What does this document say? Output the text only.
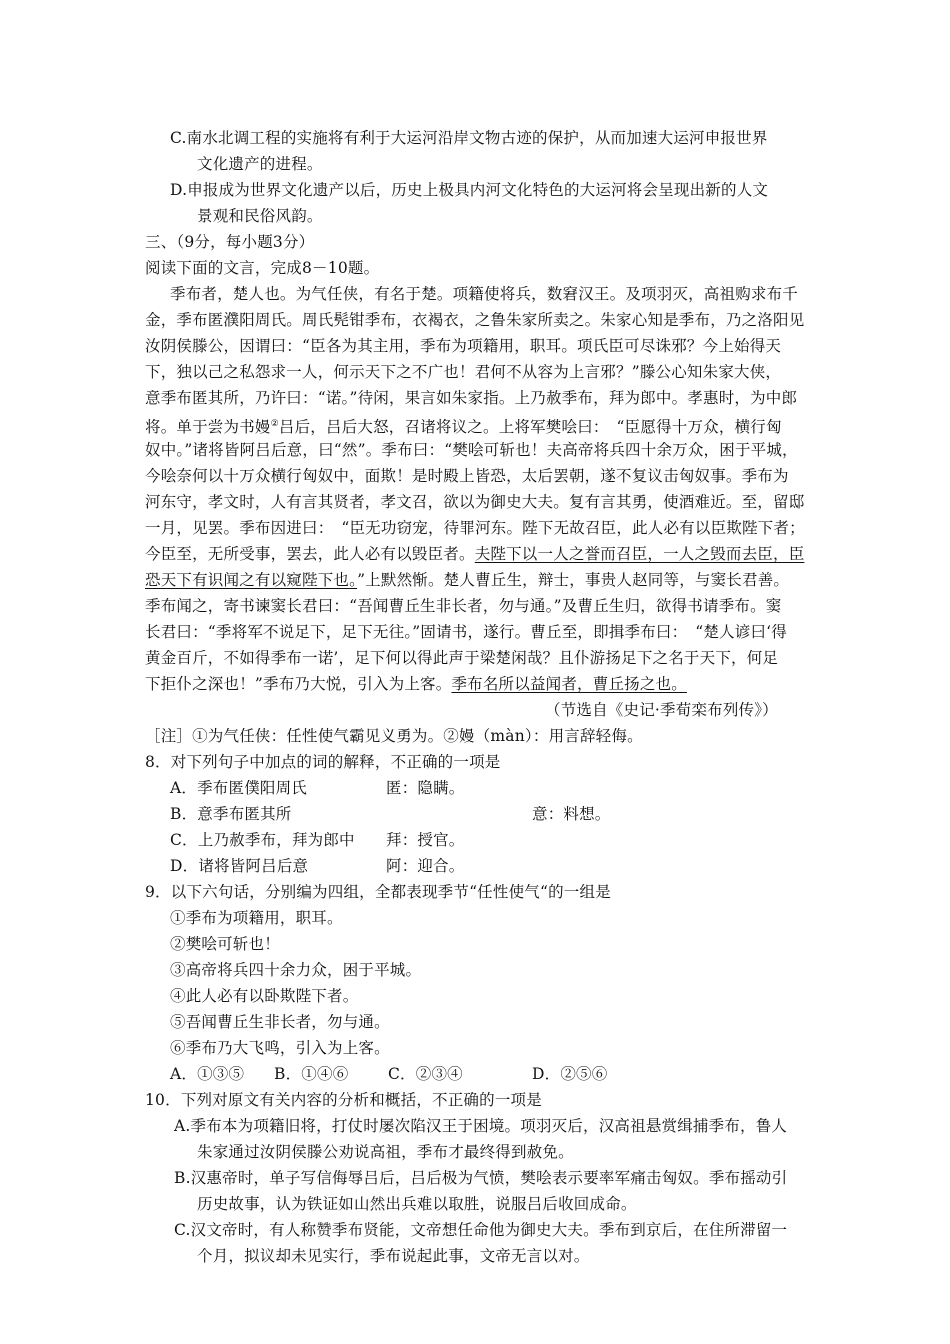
C.南水北调工程的实施将有利于大运河沿岸文物古迹的保护，从而加速大运河申报世界
文化遗产的进程。
D.申报成为世界文化遗产以后，历史上极具内河文化特色的大运河将会呈现出新的人文
景观和民俗风韵。
三、（9分，每小题3分）
阅读下面的文言，完成8－10题。
季布者，楚人也。为气任侠，有名于楚。项籍使将兵，数窘汉王。及项羽灭，高祖购求布千
金，季布匿濮阳周氏。周氏髡钳季布，衣褐衣，之鲁朱家所卖之。朱家心知是季布，乃之洛阳见
汝阴侯滕公，因谓曰：“臣各为其主用，季布为项籍用，职耳。项氏臣可尽诛邪？今上始得天
下，独以己之私怨求一人，何示天下之不广也！君何不从容为上言邪？”滕公心知朱家大侠，
意季布匿其所，乃许曰：“诺。”待闲，果言如朱家指。上乃赦季布，拜为郎中。孝惠时，为中郎
将。单于尝为书嫚②吕后，吕后大怒，召诸将议之。上将军樊哙曰：　“臣愿得十万众，横行匈
奴中。”诸将皆阿吕后意，曰“然”。季布曰：“樊哙可斩也！夫高帝将兵四十余万众，困于平城，
今哙奈何以十万众横行匈奴中，面欺！是时殿上皆恐，太后罢朝，遂不复议击匈奴事。季布为
河东守，孝文时，人有言其贤者，孝文召，欲以为御史大夫。复有言其勇，使酒难近。至，留邸
一月，见罢。季布因进曰：　“臣无功窃宠，待罪河东。陛下无故召臣，此人必有以臣欺陛下者；
今臣至，无所受事，罢去，此人必有以毁臣者。夫陛下以一人之誉而召臣，一人之毁而去臣，臣
恐天下有识闻之有以窥陛下也。”上默然惭。楚人曹丘生，辩士，事贵人赵同等，与窦长君善。
季布闻之，寄书谏窦长君曰：“吾闻曹丘生非长者，勿与通。”及曹丘生归，欲得书请季布。窦
长君曰：“季将军不说足下，足下无往。”固请书，遂行。曹丘至，即揖季布曰：　“楚人谚曰‘得
黄金百斤，不如得季布一诺’，足下何以得此声于梁楚闲哉？且仆游扬足下之名于天下，何足
下拒仆之深也！”季布乃大悦，引入为上客。季布名所以益闻者，曹丘扬之也。
（节选自《史记·季荀栾布列传》）
［注］①为气任侠：任性使气霸见义勇为。②嫚（màn）：用言辞轻侮。
8．对下列句子中加点的词的解释，不正确的一项是
A．季布匿僕阳周氏	匿：隐瞒。
B．意季布匿其所	意：料想。
C．上乃赦季布，拜为郎中 拜：授官。
D．诸将皆阿吕后意	阿：迎合。
9．以下六句话，分别编为四组，全都表现季节“任性使气“的一组是
①季布为项籍用，职耳。
②樊哙可斩也！
③高帝将兵四十余力众，困于平城。
④此人必有以卧欺陛下者。
⑤吾闻曹丘生非长者，勿与通。
⑥季布乃大飞鸣，引入为上客。
A．①③⑤ B．①④⑥	C．②③④	D．②⑤⑥
10．下列对原文有关内容的分析和概括，不正确的一项是
A.季布本为项籍旧将，打仗时屡次陷汉王于困境。项羽灭后，汉高祖悬赏缉捕季布，鲁人
朱家通过汝阴侯滕公劝说高祖，季布才最终得到赦免。
B.汉惠帝时，单子写信侮辱吕后，吕后极为气愤，樊哙表示要率军痛击匈奴。季布摇动引
历史故事，认为铁证如山然出兵难以取胜，说服吕后收回成命。
C.汉文帝时，有人称赞季布贤能，文帝想任命他为御史大夫。季布到京后，在住所滞留一
个月，拟议却未见实行，季布说起此事，文帝无言以对。
